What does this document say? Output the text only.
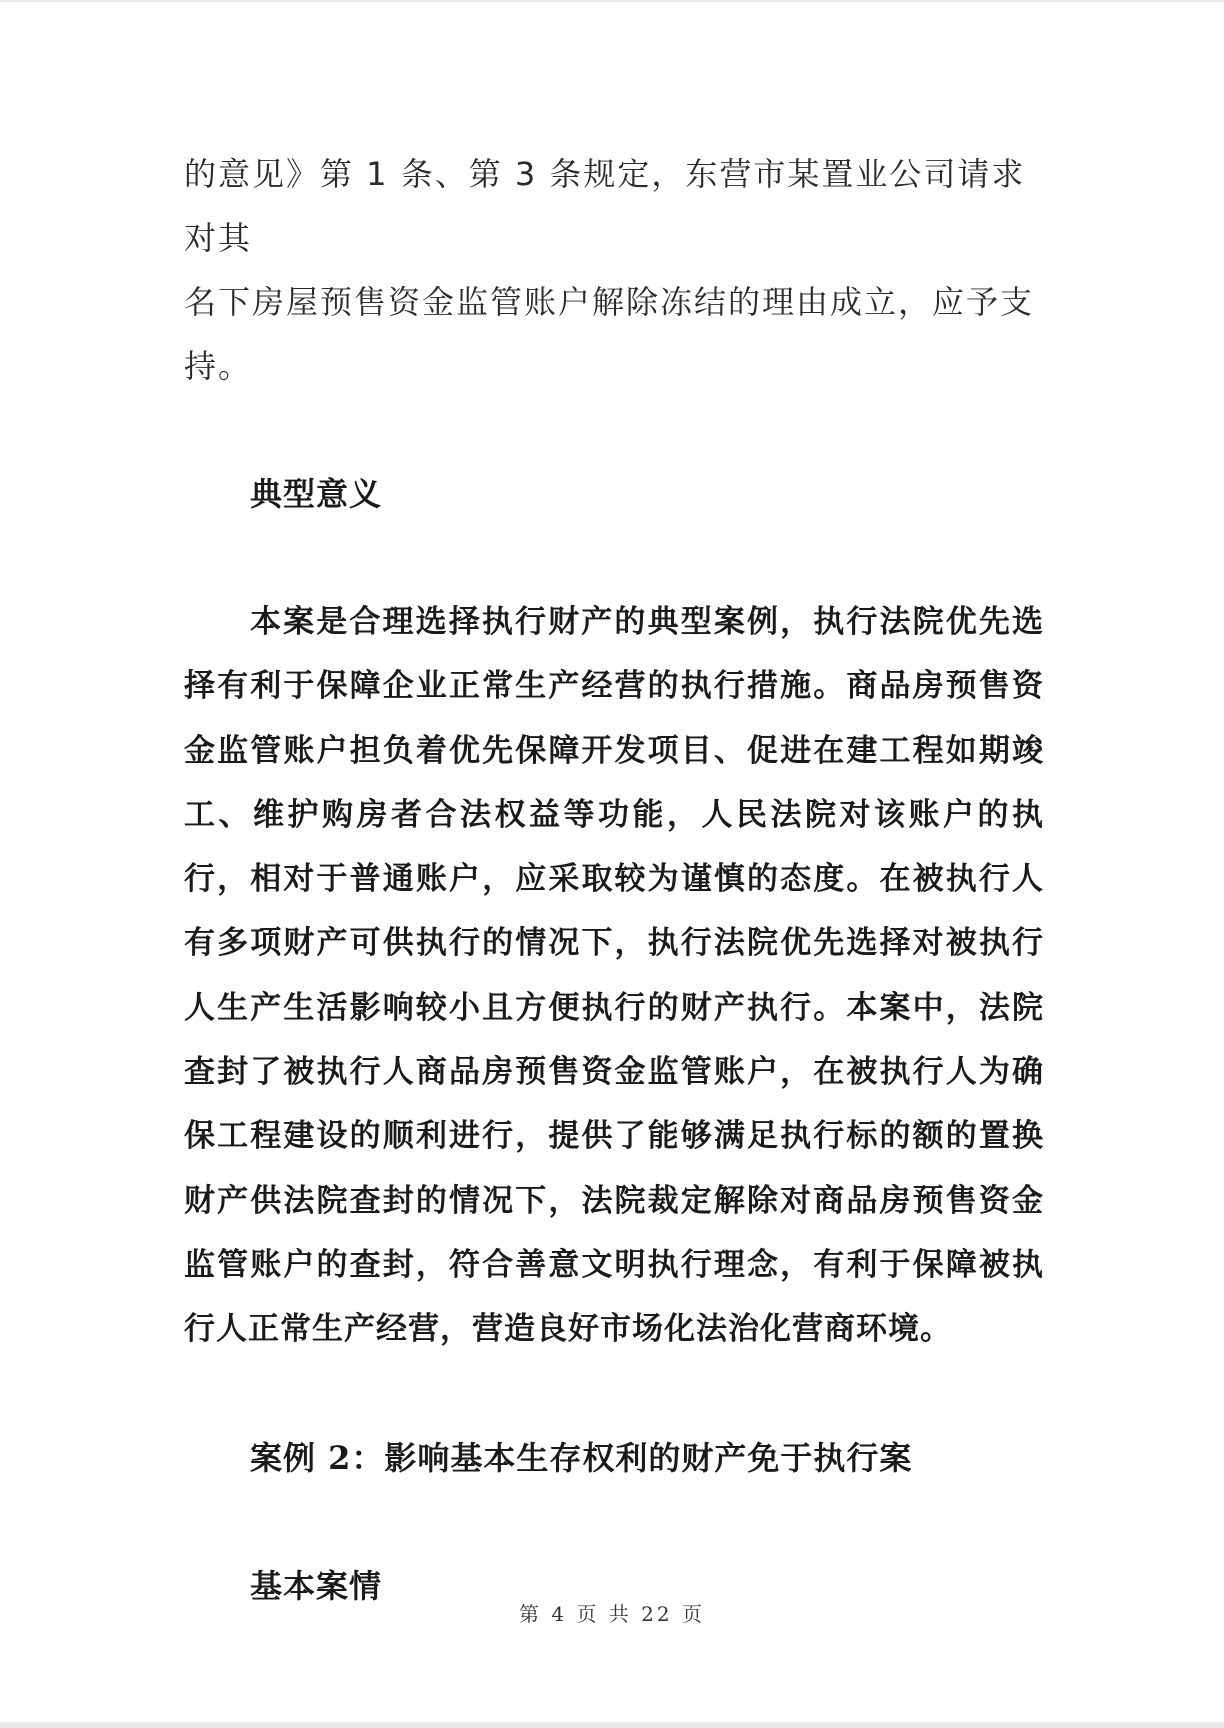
的意见》第 1 条、第 3 条规定，东营市某置业公司请求对其

名下房屋预售资金监管账户解除冻结的理由成立，应予支持。

典型意义

本案是合理选择执行财产的典型案例，执行法院优先选择有利于保障企业正常生产经营的执行措施。商品房预售资金监管账户担负着优先保障开发项目、促进在建工程如期竣工、维护购房者合法权益等功能，人民法院对该账户的执行，相对于普通账户，应采取较为谨慎的态度。在被执行人有多项财产可供执行的情况下，执行法院优先选择对被执行人生产生活影响较小且方便执行的财产执行。本案中，法院查封了被执行人商品房预售资金监管账户，在被执行人为确保工程建设的顺利进行，提供了能够满足执行标的额的置换财产供法院查封的情况下，法院裁定解除对商品房预售资金监管账户的查封，符合善意文明执行理念，有利于保障被执行人正常生产经营，营造良好市场化法治化营商环境。

案例 2：影响基本生存权利的财产免于执行案

基本案情

第 4 页 共 22 页
